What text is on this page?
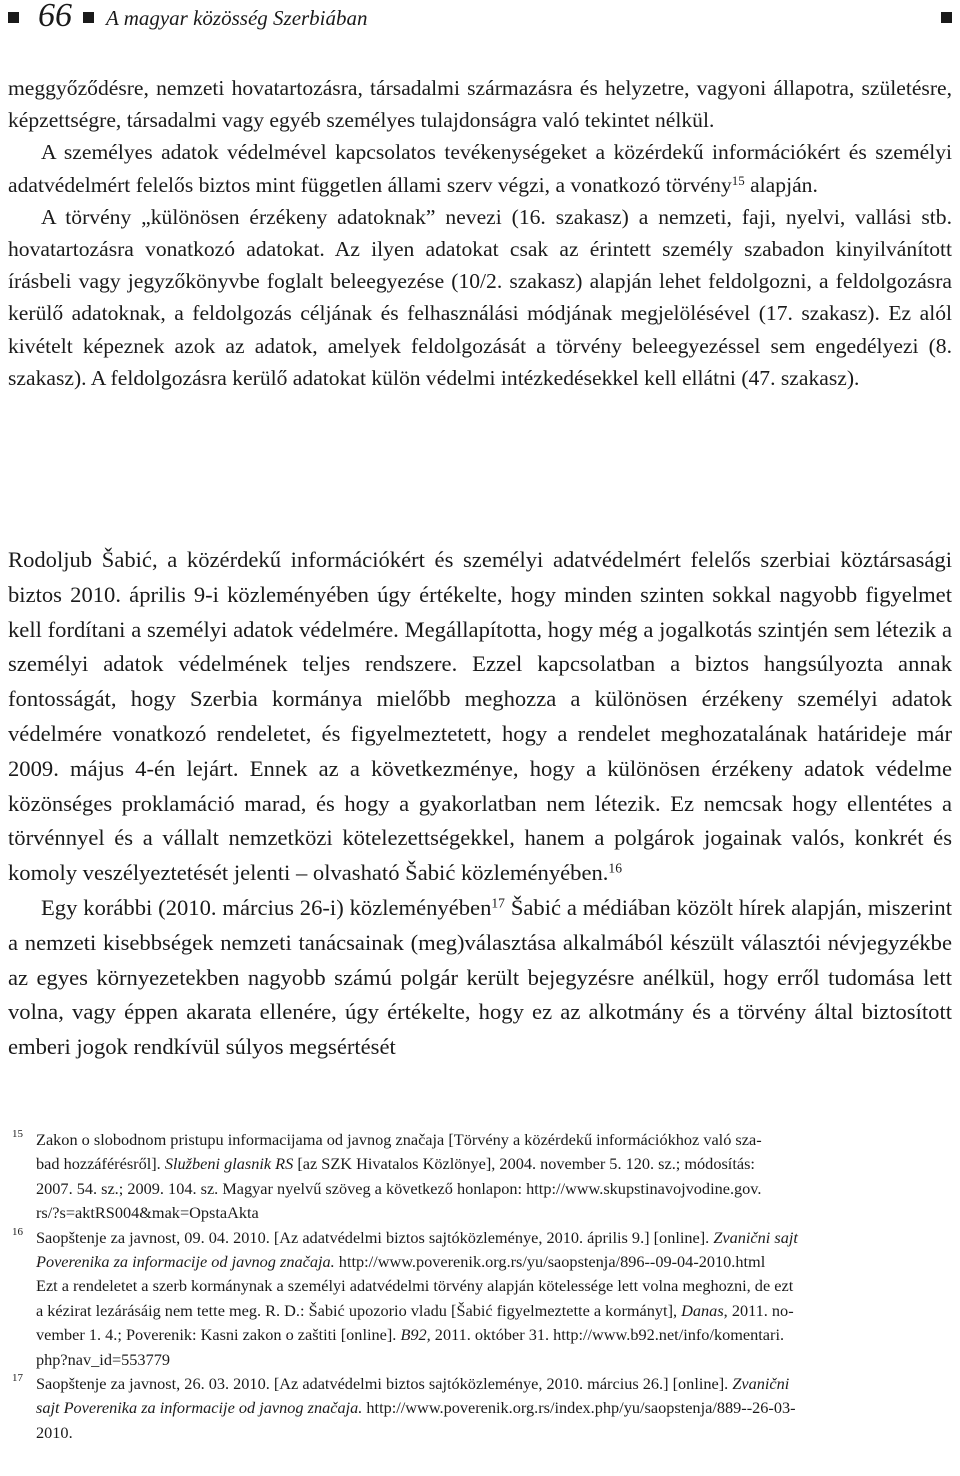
66 A magyar közösség Szerbiában

meggyőződésre, nemzeti hovatartozásra, társadalmi származásra és helyzetre, vagyoni állapotra, születésre, képzettségre, társadalmi vagy egyéb személyes tulajdonságra való tekintet nélkül.

A személyes adatok védelmével kapcsolatos tevékenységeket a közérdekű információkért és személyi adatvédelmért felelős biztos mint független állami szerv végzi, a vonatkozó törvény$^{15}$ alapján.

A törvény „különösen érzékeny adatoknak” nevezi (16. szakasz) a nemzeti, faji, nyelvi, vallási stb. hovatartozásra vonatkozó adatokat. Az ilyen adatokat csak az érintett személy szabadon kinyilvánított írásbeli vagy jegyzőkönyvbe foglalt beleegyezése (10/2. szakasz) alapján lehet feldolgozni, a feldolgozásra kerülő adatoknak, a feldolgozás céljának és felhasználási módjának megjelölésével (17. szakasz). Ez alól kivételt képeznek azok az adatok, amelyek feldolgozását a törvény beleegyezéssel sem engedélyezi (8. szakasz). A feldolgozásra kerülő adatokat külön védelmi intézkedésekkel kell ellátni (47. szakasz).

Rodoljub Šabić, a közérdekű információkért és személyi adatvédelmért felelős szerbiai köztársasági biztos 2010. április 9-i közleményében úgy értékelte, hogy minden szinten sokkal nagyobb figyelmet kell fordítani a személyi adatok védelmére. Megállapította, hogy még a jogalkotás szintjén sem létezik a személyi adatok védelmének teljes rendszere. Ezzel kapcsolatban a biztos hangsúlyozta annak fontosságát, hogy Szerbia kormánya mielőbb meghozza a különösen érzékeny személyi adatok védelmére vonatkozó rendeletet, és figyelmeztetett, hogy a rendelet meghozatalának határideje már 2009. május 4-én lejárt. Ennek az a következménye, hogy a különösen érzékeny adatok védelme közönséges proklamáció marad, és hogy a gyakorlatban nem létezik. Ez nemcsak hogy ellentétes a törvénnyel és a vállalt nemzetközi kötelezettségekkel, hanem a polgárok jogainak valós, konkrét és komoly veszélyeztetését jelenti – olvasható Šabić közleményében.$^{16}$

Egy korábbi (2010. március 26-i) közleményében$^{17}$ Šabić a médiában közölt hírek alapján, miszerint a nemzeti kisebbségek nemzeti tanácsainak (meg)választása alkalmából készült választói névjegyzékbe az egyes környezetekben nagyobb számú polgár került bejegyzésre anélkül, hogy erről tudomása lett volna, vagy éppen akarata ellenére, úgy értékelte, hogy ez az alkotmány és a törvény által biztosított emberi jogok rendkívül súlyos megsértését

15 Zakon o slobodnom pristupu informacijama od javnog značaja [Törvény a közérdekű információkhoz való sza-
bad hozzáférésről]. Službeni glasnik RS [az SZK Hivatalos Közlönye], 2004. november 5. 120. sz.; módosítás:
2007. 54. sz.; 2009. 104. sz. Magyar nyelvű szöveg a következő honlapon: http://www.skupstinavojvodine.gov.
rs/?s=aktRS004&mak=OpstaAkta
16 Saopštenje za javnost, 09. 04. 2010. [Az adatvédelmi biztos sajtóközleménye, 2010. április 9.] [online]. Zvanični sajt
Poverenika za informacije od javnog značaja. http://www.poverenik.org.rs/yu/saopstenja/896--09-04-2010.html
Ezt a rendeletet a szerb kormánynak a személyi adatvédelmi törvény alapján kötelessége lett volna meghozni, de ezt
a kézirat lezárásáig nem tette meg. R. D.: Šabić upozorio vladu [Šabić figyelmeztette a kormányt], Danas, 2011. no-
vember 1. 4.; Poverenik: Kasni zakon o zaštiti [online]. B92, 2011. október 31. http://www.b92.net/info/komentari.
php?nav_id=553779
17 Saopštenje za javnost, 26. 03. 2010. [Az adatvédelmi biztos sajtóközleménye, 2010. március 26.] [online]. Zvanični
sajt Poverenika za informacije od javnog značaja. http://www.poverenik.org.rs/index.php/yu/saopstenja/889--26-03-
2010.
